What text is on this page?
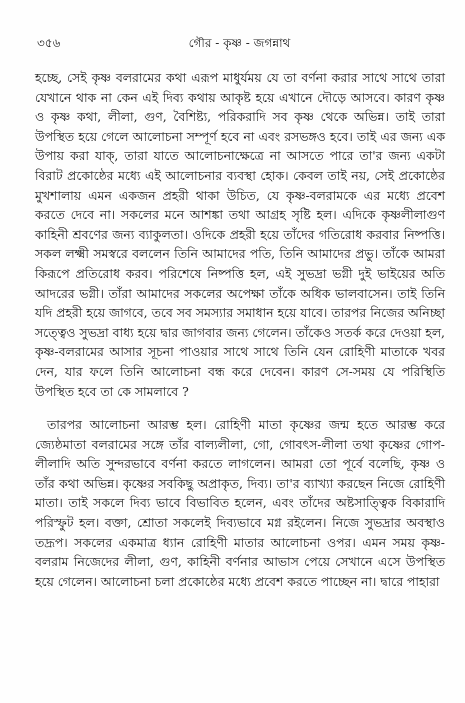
৩৫৬	গৌর - কৃষ্ণ - জগন্নাথ

হচ্ছে, সেই কৃষ্ণ বলরামের কথা এরূপ মাধুর্যময় যে তা বর্ণনা করার সাথে সাথে তারা যেখানে থাক না কেন এই দিব্য কথায় আকৃষ্ট হয়ে এখানে দৌড়ে আসবে। কারণ কৃষ্ণ ও কৃষ্ণ কথা, লীলা, গুণ, বৈশিষ্ট্য, পরিকরাদি সব কৃষ্ণ থেকে অভিন্ন। তাই তারা উপস্থিত হয়ে গেলে আলোচনা সম্পূর্ণ হবে না এবং রসভঙ্গও হবে। তাই এর জন্য এক উপায় করা যাক্, তারা যাতে আলোচনাক্ষেত্রে না আসতে পারে তা'র জন্য একটা বিরাট প্রকোষ্ঠের মধ্যে এই আলোচনার ব্যবস্থা হোক। কেবল তাই নয়, সেই প্রকোষ্ঠের মুখশালায় এমন একজন প্রহরী থাকা উচিত, যে কৃষ্ণ-বলরামকে এর মধ্যে প্রবেশ করতে দেবে না। সকলের মনে আশঙ্কা তথা আগ্রহ সৃষ্টি হল। এদিকে কৃষ্ণলীলাগুণ কাহিনী শ্রবণের জন্য ব্যাকুলতা। ওদিকে প্রহরী হয়ে তাঁদের গতিরোধ করবার নিষ্পত্তি। সকল লক্ষ্মী সমস্বরে বললেন তিনি আমাদের পতি, তিনি আমাদের প্রভু। তাঁকে আমরা কিরূপে প্রতিরোধ করব। পরিশেষে নিষ্পত্তি হল, এই সুভদ্রা ভগ্নী দুই ভাইয়ের অতি আদরের ভগ্নী। তাঁরা আমাদের সকলের অপেক্ষা তাঁকে অধিক ভালবাসেন। তাই তিনি যদি প্রহরী হয়ে জাগবে, তবে সব সমস্যার সমাধান হয়ে যাবে। তারপর নিজের অনিচ্ছা সত্ত্বেও সুভদ্রা বাধ্য হয়ে দ্বার জাগবার জন্য গেলেন। তাঁকেও সতর্ক করে দেওয়া হল, কৃষ্ণ-বলরামের আসার সূচনা পাওয়ার সাথে সাথে তিনি যেন রোহিণী মাতাকে খবর দেন, যার ফলে তিনি আলোচনা বন্ধ করে দেবেন। কারণ সে-সময় যে পরিস্থিতি উপস্থিত হবে তা কে সামলাবে ?

তারপর আলোচনা আরম্ভ হল। রোহিণী মাতা কৃষ্ণের জন্ম হতে আরম্ভ করে জ্যেষ্ঠমাতা বলরামের সঙ্গে তাঁর বাল্যলীলা, গো, গোবৎস-লীলা তথা কৃষ্ণের গোপ-লীলাদি অতি সুন্দরভাবে বর্ণনা করতে লাগলেন। আমরা তো পূর্বে বলেছি, কৃষ্ণ ও তাঁর কথা অভিন্ন। কৃষ্ণের সবকিছু অপ্রাকৃত, দিব্য। তা'র ব্যাখ্যা করছেন নিজে রোহিণী মাতা। তাই সকলে দিব্য ভাবে বিভাবিত হলেন, এবং তাঁদের অষ্টসাত্ত্বিক বিকারাদি পরিস্ফুট হল। বক্তা, শ্রোতা সকলেই দিব্যভাবে মগ্ন রইলেন। নিজে সুভদ্রার অবস্থাও তদ্রূপ। সকলের একমাত্র ধ্যান রোহিণী মাতার আলোচনা ওপর। এমন সময় কৃষ্ণ-বলরাম নিজেদের লীলা, গুণ, কাহিনী বর্ণনার আভাস পেয়ে সেখানে এসে উপস্থিত হয়ে গেলেন। আলোচনা চলা প্রকোষ্ঠের মধ্যে প্রবেশ করতে পাচ্ছেন না। দ্বারে পাহারা
